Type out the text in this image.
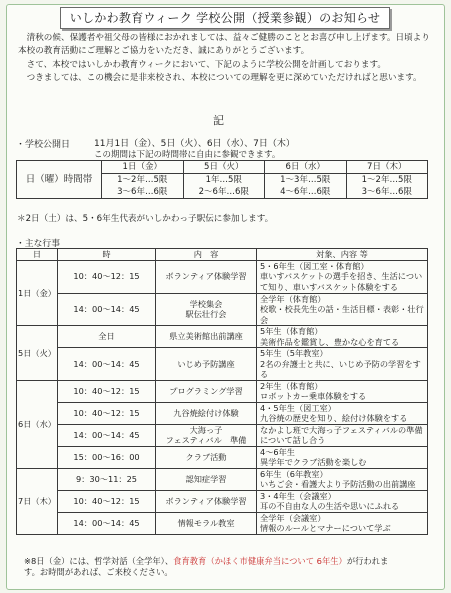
いしかわ教育ウィーク 学校公開（授業参観）のお知らせ

清秋の候、保護者や祖父母の皆様におかれましては、益々ご健勝のこととお喜び申し上げます。日頃より本校の教育活動にご理解とご協力をいただき、誠にありがとうございます。

さて、本校ではいしかわ教育ウィークにおいて、下記のように学校公開を計画しております。

つきましては、この機会に是非来校され、本校についての理解を更に深めていただければと思います。

記
・学校公開日	11月1日（金）、5日（火）、6日（水）、7日（木）
この期間は下記の時間帯に自由に参観できます。
日（曜）時間帯	1日（金）	5日（火）	6日（水）	7日（木）
	1～2年…5限	1年…5限	1～3年…5限	1～2年…5限
	3～6年…6限	2～6年…6限	4～6年…6限	3～6年…6限
＊2日（土）は、5・6年生代表がいしかわっ子駅伝に参加します。
・主な行事
日	時	内　容	対象、内容 等
1日（金）	10：40～12：15	ボランティア体験学習	5・6年生（図工室・体育館）
車いすバスケットの選手を招き、生活について知り、車いすバスケット体験をする
	14：00～14：45	学校集会
駅伝壮行会	全学年（体育館）
校歌・校長先生の話・生活目標・表彰・壮行会
5日（火）	全日	県立美術館出前講座	5年生（体育館）
美術作品を鑑賞し、豊かな心を育てる
	14：00～14：45	いじめ予防講座	5年生（5年教室）
2名の弁護士と共に、いじめ予防の学習をする
6日（水）	10：40～12：15	プログラミング学習	2年生（体育館）
ロボットカー乗車体験をする
	10：40～12：15	九谷焼絵付け体験	4・5年生（図工室）
九谷焼の歴史を知り、絵付け体験をする
	14：00～14：45	大海っ子
フェスティバル　準備	なかよし班で大海っ子フェスティバルの準備について話し合う
	15：00～16：00	クラブ活動	4～6年生
異学年でクラブ活動を楽しむ
7日（木）	9：30～11：25	認知症学習	6年生（6年教室）
いちご会・看護大より予防活動の出前講座
	10：40～12：15	ボランティア体験学習	3・4年生（会議室）
耳の不自由な人の生活や思いにふれる
	14：00～14：45	情報モラル教室	全学年（会議室）
情報のルールとマナーについて学ぶ
※8日（金）には、哲学対話（全学年）、食育教育（かほく市健康弁当について 6年生）が行われま
す。お時間があれば、ご来校ください。
